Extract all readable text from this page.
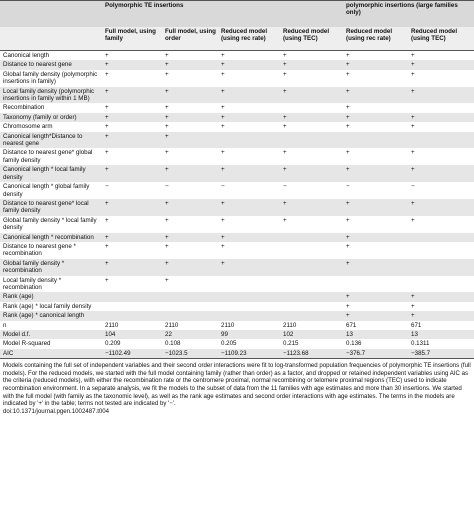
	Polymorphic TE insertions				polymorphic insertions (large families only)	
	Full model, using family	Full model, using order	Reduced model (using rec rate)	Reduced model (using TEC)	Reduced model (using rec rate)	Reduced model (using TEC)
Canonical length	+	+	+	+	+	+
Distance to nearest gene	+	+	+	+	+	+
Global family density (polymorphic insertions in family)	+	+	+	+	+	+
Local family density (polymorphic insertions in family within 1 MB)	+	+	+	+	+	+
Recombination	+	+	+		+	
Taxonomy (family or order)	+	+	+	+	+	+
Chromosome arm	+	+	+	+	+	+
Canonical length*Distance to nearest gene	+	+				
Distance to nearest gene* global family density	+	+	+	+	+	+
Canonical length * local family density	+	+	+	+	+	+
Canonical length * global family density	−	−	−	−	−	−
Distance to nearest gene* local family density	+	+	+	+	+	+
Global family density * local family density	+	+	+	+	+	+
Canonical length * recombination	+	+	+		+	
Distance to nearest gene * recombination	+	+	+		+	
Global family density * recombination	+	+	+		+	
Local family density * recombination	+	+				
Rank (age)					+	+
Rank (age) * local family density					+	+
Rank (age) * canonical length					+	+
n	2110	2110	2110	2110	671	671
Model d.f.	104	22	99	102	13	13
Model R-squared	0.209	0.108	0.205	0.215	0.136	0.1311
AIC	−1102.49	−1023.5	−1109.23	−1123.68	−376.7	−385.7
Models containing the full set of independent variables and their second order interactions were fit to log-transformed population frequencies of polymorphic TE insertions (full models). For the reduced models, we started with the full model containing family (rather than order) as a factor, and dropped or retained independent variables using AIC as the criteria (reduced models), with either the recombination rate or the centromere proximal, normal recombining or telomere proximal regions (TEC) used to indicate recombination environment. In a separate analysis, we fit the models to the subset of data from the 11 families with age estimates and more than 30 insertions. We started with the full model (with family as the taxonomic level), as well as the rank age estimates and second order interactions with age estimates. The terms in the models are indicated by '+' in the table; terms not tested are indicated by '−'.
doi:10.1371/journal.pgen.1002487.t004
